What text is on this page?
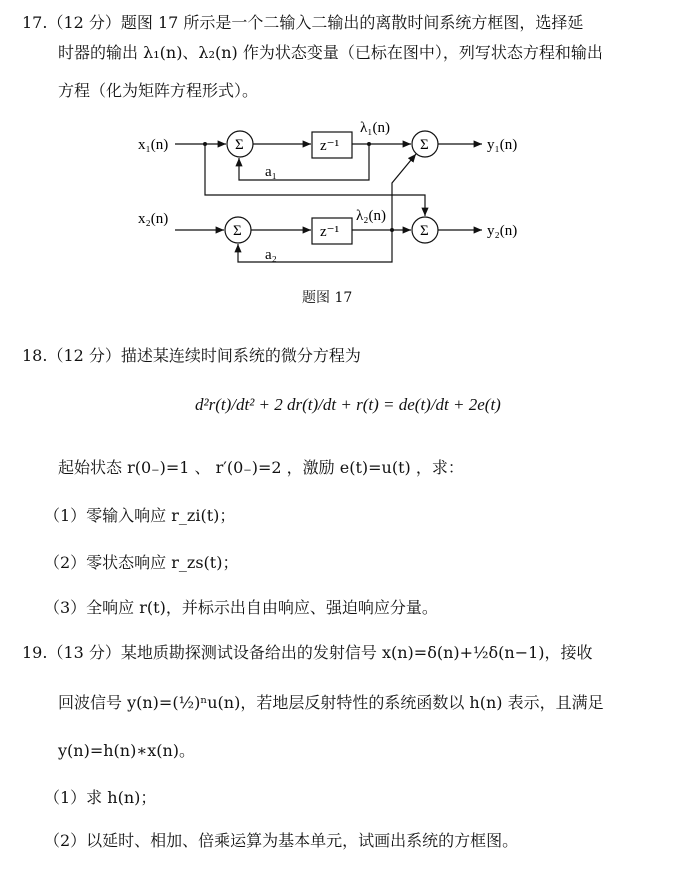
17.（12 分）题图 17 所示是一个二输入二输出的离散时间系统方框图，选择延
时器的输出 λ₁(n)、λ₂(n) 作为状态变量（已标在图中），列写状态方程和输出
方程（化为矩阵方程形式）。
x₁(n)
x₂(n)
y₁(n)
y₂(n)
λ₁(n)
λ₂(n)
a₁
a₂
z⁻¹
z⁻¹
Σ
Σ
Σ
Σ
题图 17
18.（12 分）描述某连续时间系统的微分方程为
d²r(t)/dt² + 2 dr(t)/dt + r(t) = de(t)/dt + 2e(t)
起始状态 r(0₋)=1 、 r′(0₋)=2 ，激励 e(t)=u(t) ，求：
（1）零输入响应 r_zi(t)；
（2）零状态响应 r_zs(t)；
（3）全响应 r(t)，并标示出自由响应、强迫响应分量。
19.（13 分）某地质勘探测试设备给出的发射信号 x(n)=δ(n)+½δ(n−1)，接收
回波信号 y(n)=(½)ⁿu(n)，若地层反射特性的系统函数以 h(n) 表示，且满足
y(n)=h(n)∗x(n)。
（1）求 h(n)；
（2）以延时、相加、倍乘运算为基本单元，试画出系统的方框图。
